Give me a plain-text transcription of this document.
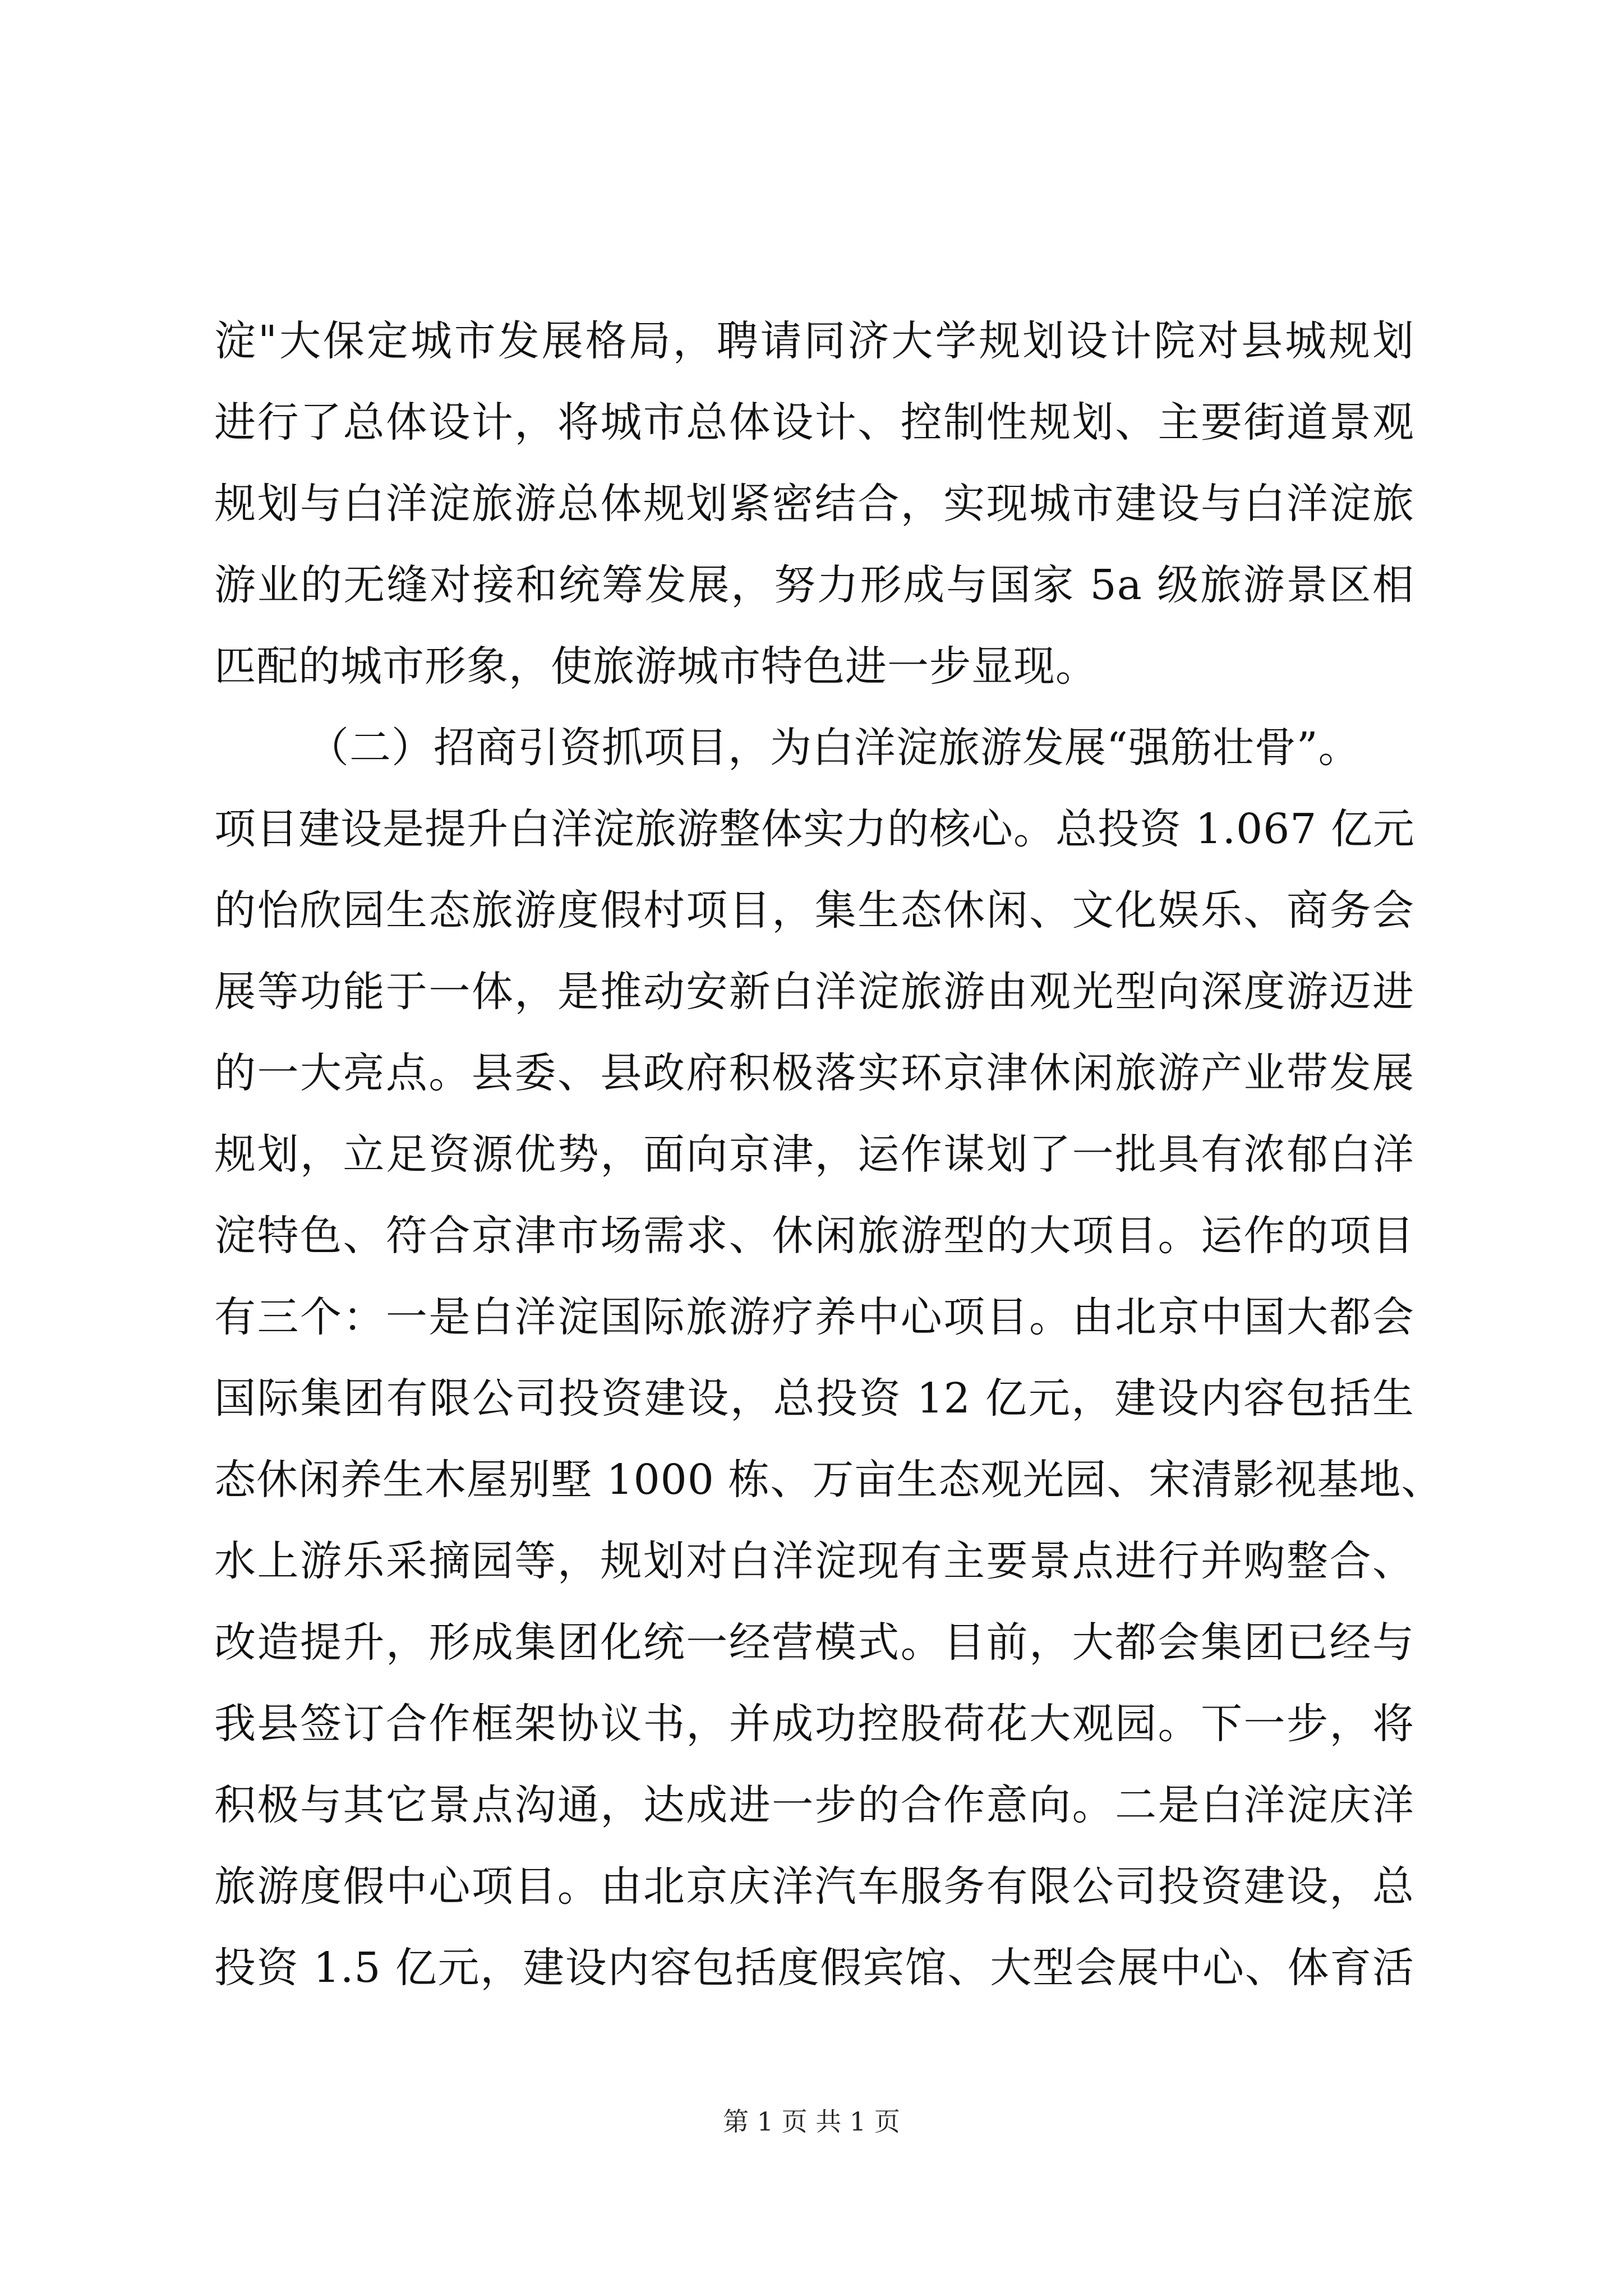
淀"大保定城市发展格局，聘请同济大学规划设计院对县城规划
进行了总体设计，将城市总体设计、控制性规划、主要街道景观
规划与白洋淀旅游总体规划紧密结合，实现城市建设与白洋淀旅
游业的无缝对接和统筹发展，努力形成与国家 5a 级旅游景区相
匹配的城市形象，使旅游城市特色进一步显现。
（二）招商引资抓项目，为白洋淀旅游发展“强筋壮骨”。
项目建设是提升白洋淀旅游整体实力的核心。总投资 1.067 亿元
的怡欣园生态旅游度假村项目，集生态休闲、文化娱乐、商务会
展等功能于一体，是推动安新白洋淀旅游由观光型向深度游迈进
的一大亮点。县委、县政府积极落实环京津休闲旅游产业带发展
规划，立足资源优势，面向京津，运作谋划了一批具有浓郁白洋
淀特色、符合京津市场需求、休闲旅游型的大项目。运作的项目
有三个：一是白洋淀国际旅游疗养中心项目。由北京中国大都会
国际集团有限公司投资建设，总投资 12 亿元，建设内容包括生
态休闲养生木屋别墅 1000 栋、万亩生态观光园、宋清影视基地、
水上游乐采摘园等，规划对白洋淀现有主要景点进行并购整合、
改造提升，形成集团化统一经营模式。目前，大都会集团已经与
我县签订合作框架协议书，并成功控股荷花大观园。下一步，将
积极与其它景点沟通，达成进一步的合作意向。二是白洋淀庆洋
旅游度假中心项目。由北京庆洋汽车服务有限公司投资建设，总
投资 1.5 亿元，建设内容包括度假宾馆、大型会展中心、体育活
第 1 页 共 1 页
